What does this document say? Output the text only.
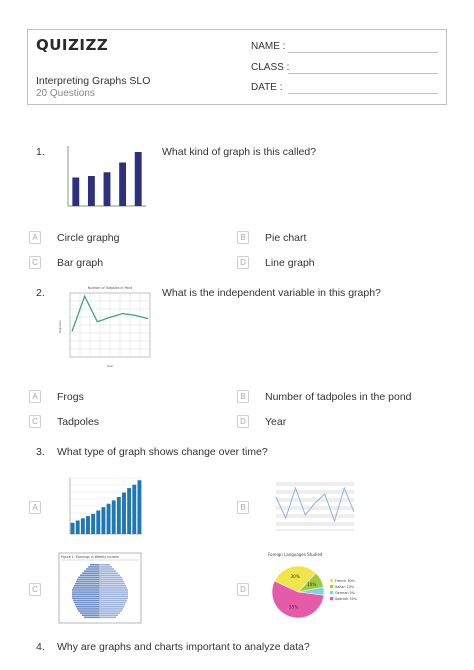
QUIZIZZ
Interpreting Graphs SLO
20 Questions
NAME :
CLASS :
DATE :
1.	What kind of graph is this called?
A	Circle graphg	B	Pie chart
C Bar graph	D Line graph
2.	Number of Tadpoles in Pond
Tadpoles
Year
What is the independent variable in this graph?
A	Frogs	B	Number of tadpoles in the pond
C Tadpoles	D Year
3. What type of graph shows change over time?
A	B
C
Figure 1: Earnings in Weekly Income
D
Foreign Languages Studied
30%
10%
55%
French 30%
Italian 10%
German 5%
Spanish 55%
4. Why are graphs and charts important to analyze data?
